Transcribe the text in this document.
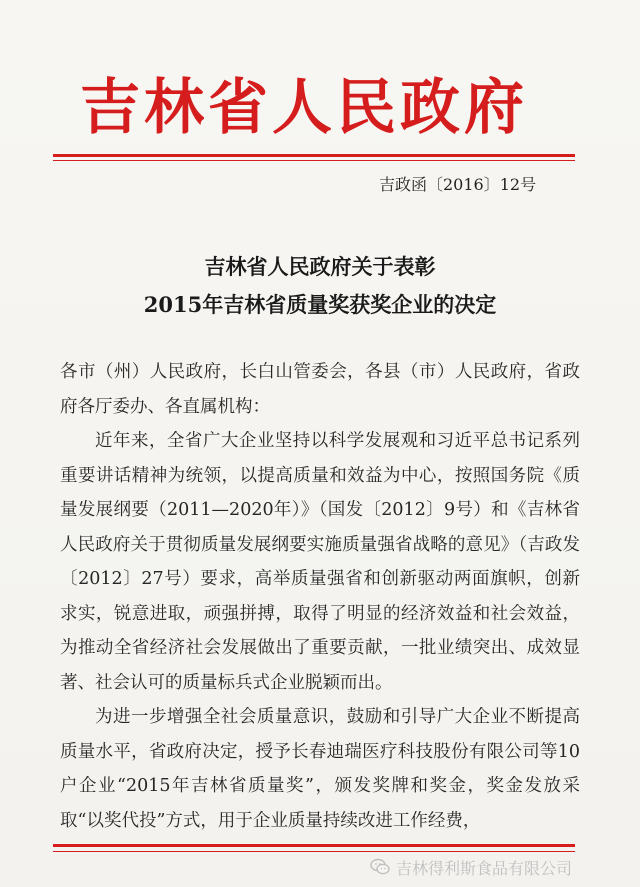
吉林省人民政府
吉政函〔2016〕12号
吉林省人民政府关于表彰
2015年吉林省质量奖获奖企业的决定

各市（州）人民政府，长白山管委会，各县（市）人民政府，省政府各厅委办、各直属机构：

近年来，全省广大企业坚持以科学发展观和习近平总书记系列重要讲话精神为统领，以提高质量和效益为中心，按照国务院《质量发展纲要（2011—2020年）》（国发〔2012〕9号）和《吉林省人民政府关于贯彻质量发展纲要实施质量强省战略的意见》（吉政发〔2012〕27号）要求，高举质量强省和创新驱动两面旗帜，创新求实，锐意进取，顽强拼搏，取得了明显的经济效益和社会效益，为推动全省经济社会发展做出了重要贡献，一批业绩突出、成效显著、社会认可的质量标兵式企业脱颖而出。

为进一步增强全社会质量意识，鼓励和引导广大企业不断提高质量水平，省政府决定，授予长春迪瑞医疗科技股份有限公司等10户企业“2015年吉林省质量奖”，颁发奖牌和奖金，奖金发放采取“以奖代投”方式，用于企业质量持续改进工作经费，

吉林得利斯食品有限公司
